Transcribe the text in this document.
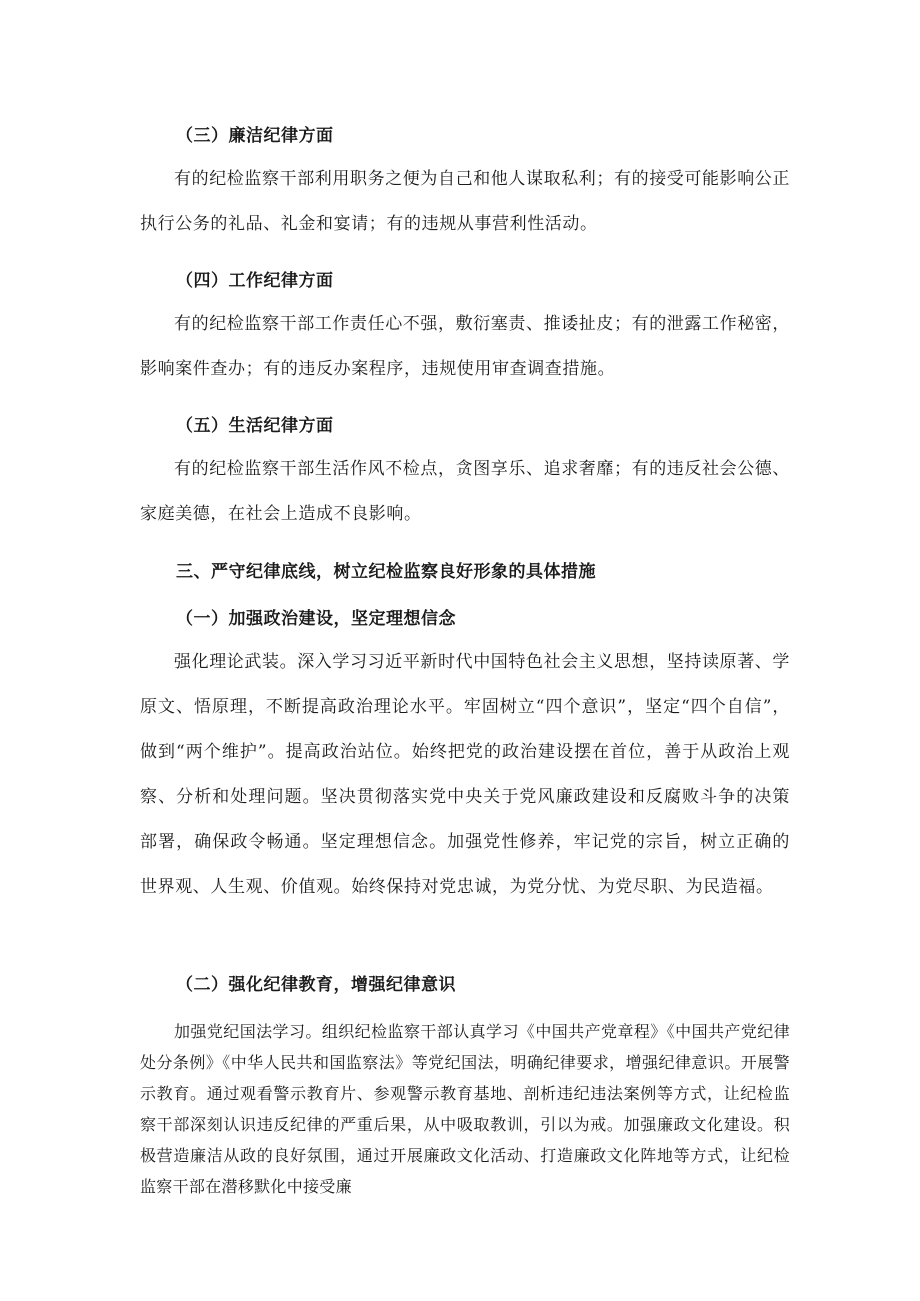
（三）廉洁纪律方面
有的纪检监察干部利用职务之便为自己和他人谋取私利；有的接受可能影响公正执行公务的礼品、礼金和宴请；有的违规从事营利性活动。
（四）工作纪律方面
有的纪检监察干部工作责任心不强，敷衍塞责、推诿扯皮；有的泄露工作秘密，影响案件查办；有的违反办案程序，违规使用审查调查措施。
（五）生活纪律方面
有的纪检监察干部生活作风不检点，贪图享乐、追求奢靡；有的违反社会公德、家庭美德，在社会上造成不良影响。
三、严守纪律底线，树立纪检监察良好形象的具体措施
（一）加强政治建设，坚定理想信念
强化理论武装。深入学习习近平新时代中国特色社会主义思想，坚持读原著、学原文、悟原理，不断提高政治理论水平。牢固树立“四个意识”，坚定“四个自信”，做到“两个维护”。提高政治站位。始终把党的政治建设摆在首位，善于从政治上观察、分析和处理问题。坚决贯彻落实党中央关于党风廉政建设和反腐败斗争的决策部署，确保政令畅通。坚定理想信念。加强党性修养，牢记党的宗旨，树立正确的世界观、人生观、价值观。始终保持对党忠诚，为党分忧、为党尽职、为民造福。
（二）强化纪律教育，增强纪律意识
加强党纪国法学习。组织纪检监察干部认真学习《中国共产党章程》《中国共产党纪律处分条例》《中华人民共和国监察法》等党纪国法，明确纪律要求，增强纪律意识。开展警示教育。通过观看警示教育片、参观警示教育基地、剖析违纪违法案例等方式，让纪检监察干部深刻认识违反纪律的严重后果，从中吸取教训，引以为戒。加强廉政文化建设。积极营造廉洁从政的良好氛围，通过开展廉政文化活动、打造廉政文化阵地等方式，让纪检监察干部在潜移默化中接受廉
